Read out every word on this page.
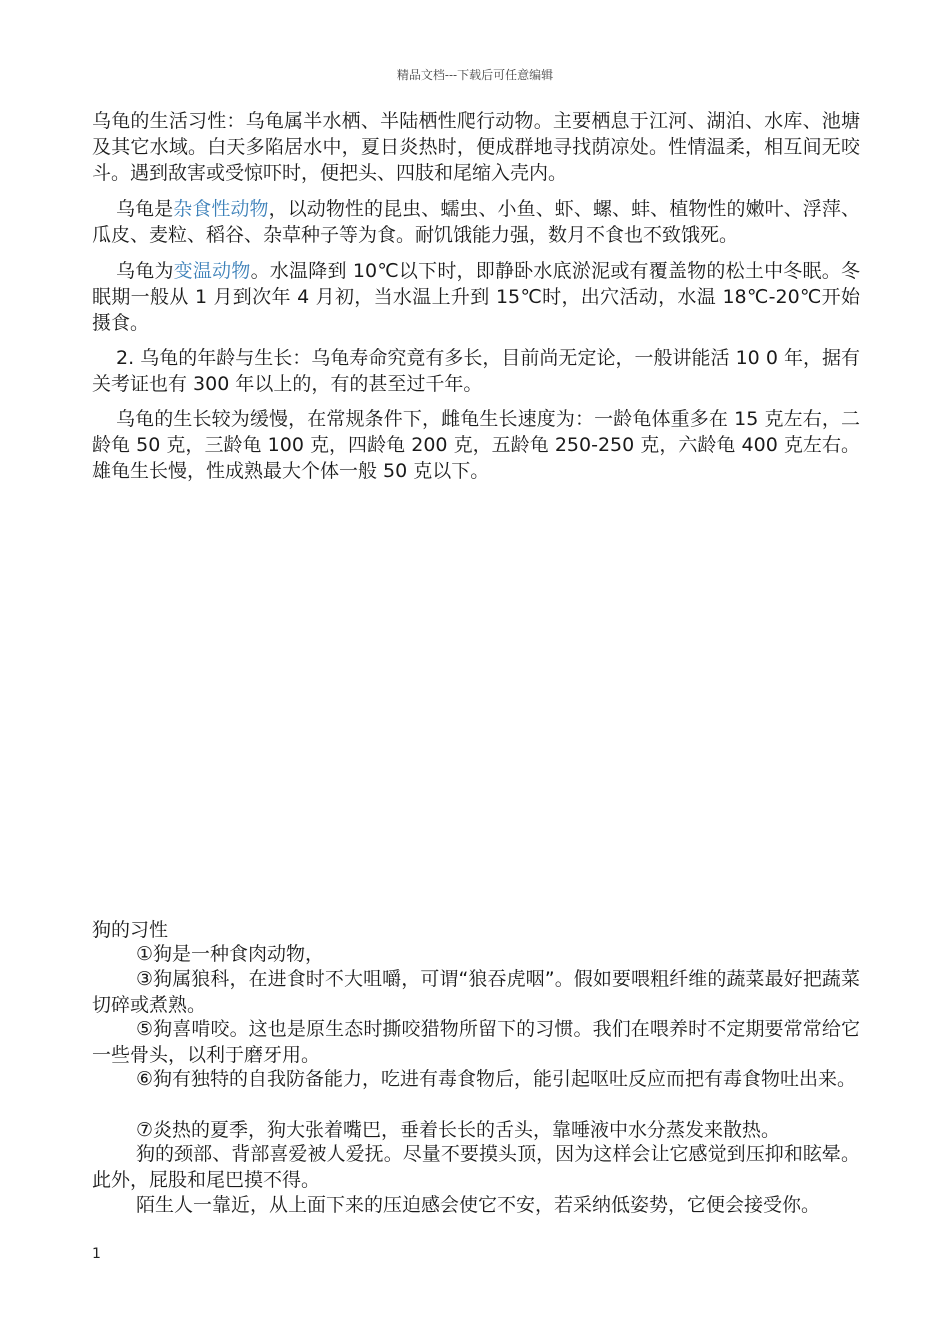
精品文档---下载后可任意编辑

乌龟的生活习性：乌龟属半水栖、半陆栖性爬行动物。主要栖息于江河、湖泊、水库、池塘及其它水域。白天多陷居水中，夏日炎热时，便成群地寻找荫凉处。性情温柔，相互间无咬斗。遇到敌害或受惊吓时，便把头、四肢和尾缩入壳内。

乌龟是杂食性动物，以动物性的昆虫、蠕虫、小鱼、虾、螺、蚌、植物性的嫩叶、浮萍、瓜皮、麦粒、稻谷、杂草种子等为食。耐饥饿能力强，数月不食也不致饿死。

乌龟为变温动物。水温降到 10℃以下时，即静卧水底淤泥或有覆盖物的松土中冬眠。冬眠期一般从 1 月到次年 4 月初，当水温上升到 15℃时，出穴活动，水温 18℃-20℃开始摄食。

2. 乌龟的年龄与生长：乌龟寿命究竟有多长，目前尚无定论，一般讲能活 10 0 年，据有关考证也有 300 年以上的，有的甚至过千年。

乌龟的生长较为缓慢，在常规条件下，雌龟生长速度为：一龄龟体重多在 15 克左右，二龄龟 50 克，三龄龟 100 克，四龄龟 200 克，五龄龟 250-250 克，六龄龟 400 克左右。雄龟生长慢，性成熟最大个体一般 50 克以下。

狗的习性

①狗是一种食肉动物，

③狗属狼科，在进食时不大咀嚼，可谓“狼吞虎咽”。假如要喂粗纤维的蔬菜最好把蔬菜切碎或煮熟。

⑤狗喜啃咬。这也是原生态时撕咬猎物所留下的习惯。我们在喂养时不定期要常常给它一些骨头，以利于磨牙用。

⑥狗有独特的自我防备能力，吃进有毒食物后，能引起呕吐反应而把有毒食物吐出来。

⑦炎热的夏季，狗大张着嘴巴，垂着长长的舌头，靠唾液中水分蒸发来散热。

狗的颈部、背部喜爱被人爱抚。尽量不要摸头顶，因为这样会让它感觉到压抑和眩晕。此外，屁股和尾巴摸不得。

陌生人一靠近，从上面下来的压迫感会使它不安，若采纳低姿势，它便会接受你。

1
